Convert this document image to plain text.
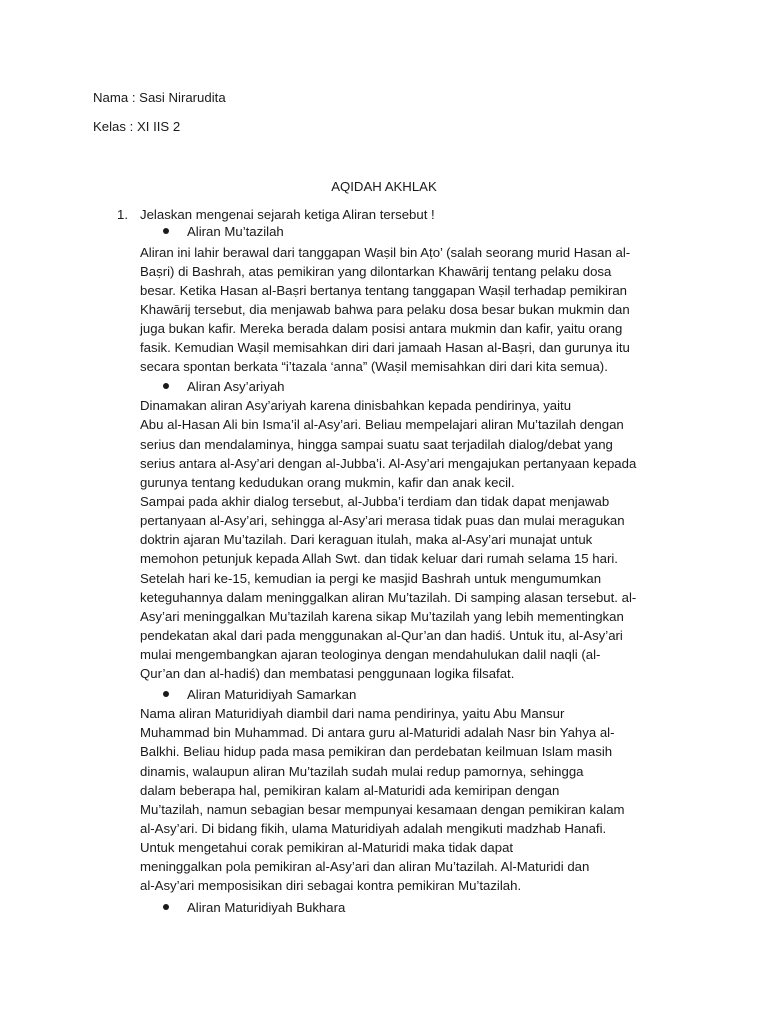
Nama : Sasi Nirarudita
Kelas : XI IIS 2
AQIDAH AKHLAK
1. Jelaskan mengenai sejarah ketiga Aliran tersebut !
Aliran Mu’tazilah
Aliran ini lahir berawal dari tanggapan Waṣil bin Aṭo’ (salah seorang murid Hasan al-
Baṣri) di Bashrah, atas pemikiran yang dilontarkan Khawārij tentang pelaku dosa
besar. Ketika Hasan al-Baṣri bertanya tentang tanggapan Waṣil terhadap pemikiran
Khawārij tersebut, dia menjawab bahwa para pelaku dosa besar bukan mukmin dan
juga bukan kafir. Mereka berada dalam posisi antara mukmin dan kafir, yaitu orang
fasik. Kemudian Waṣil memisahkan diri dari jamaah Hasan al-Baṣri, dan gurunya itu
secara spontan berkata “i’tazala ‘anna” (Waṣil memisahkan diri dari kita semua).
Aliran Asy’ariyah
Dinamakan aliran Asy’ariyah karena dinisbahkan kepada pendirinya, yaitu
Abu al-Hasan Ali bin Isma’il al-Asy’ari. Beliau mempelajari aliran Mu’tazilah dengan
serius dan mendalaminya, hingga sampai suatu saat terjadilah dialog/debat yang
serius antara al-Asy’ari dengan al-Jubba’i. Al-Asy’ari mengajukan pertanyaan kepada
gurunya tentang kedudukan orang mukmin, kafir dan anak kecil.
Sampai pada akhir dialog tersebut, al-Jubba’i terdiam dan tidak dapat menjawab
pertanyaan al-Asy’ari, sehingga al-Asy’ari merasa tidak puas dan mulai meragukan
doktrin ajaran Mu’tazilah. Dari keraguan itulah, maka al-Asy’ari munajat untuk
memohon petunjuk kepada Allah Swt. dan tidak keluar dari rumah selama 15 hari.
Setelah hari ke-15, kemudian ia pergi ke masjid Bashrah untuk mengumumkan
keteguhannya dalam meninggalkan aliran Mu’tazilah. Di samping alasan tersebut. al-
Asy’ari meninggalkan Mu’tazilah karena sikap Mu’tazilah yang lebih mementingkan
pendekatan akal dari pada menggunakan al-Qur’an dan hadiś. Untuk itu, al-Asy’ari
mulai mengembangkan ajaran teologinya dengan mendahulukan dalil naqli (al-
Qur’an dan al-hadiś) dan membatasi penggunaan logika filsafat.
Aliran Maturidiyah Samarkan
Nama aliran Maturidiyah diambil dari nama pendirinya, yaitu Abu Mansur
Muhammad bin Muhammad. Di antara guru al-Maturidi adalah Nasr bin Yahya al-
Balkhi. Beliau hidup pada masa pemikiran dan perdebatan keilmuan Islam masih
dinamis, walaupun aliran Mu’tazilah sudah mulai redup pamornya, sehingga
dalam beberapa hal, pemikiran kalam al-Maturidi ada kemiripan dengan
Mu’tazilah, namun sebagian besar mempunyai kesamaan dengan pemikiran kalam
al-Asy’ari. Di bidang fikih, ulama Maturidiyah adalah mengikuti madzhab Hanafi.
Untuk mengetahui corak pemikiran al-Maturidi maka tidak dapat
meninggalkan pola pemikiran al-Asy’ari dan aliran Mu’tazilah. Al-Maturidi dan
al-Asy’ari memposisikan diri sebagai kontra pemikiran Mu’tazilah.
Aliran Maturidiyah Bukhara
